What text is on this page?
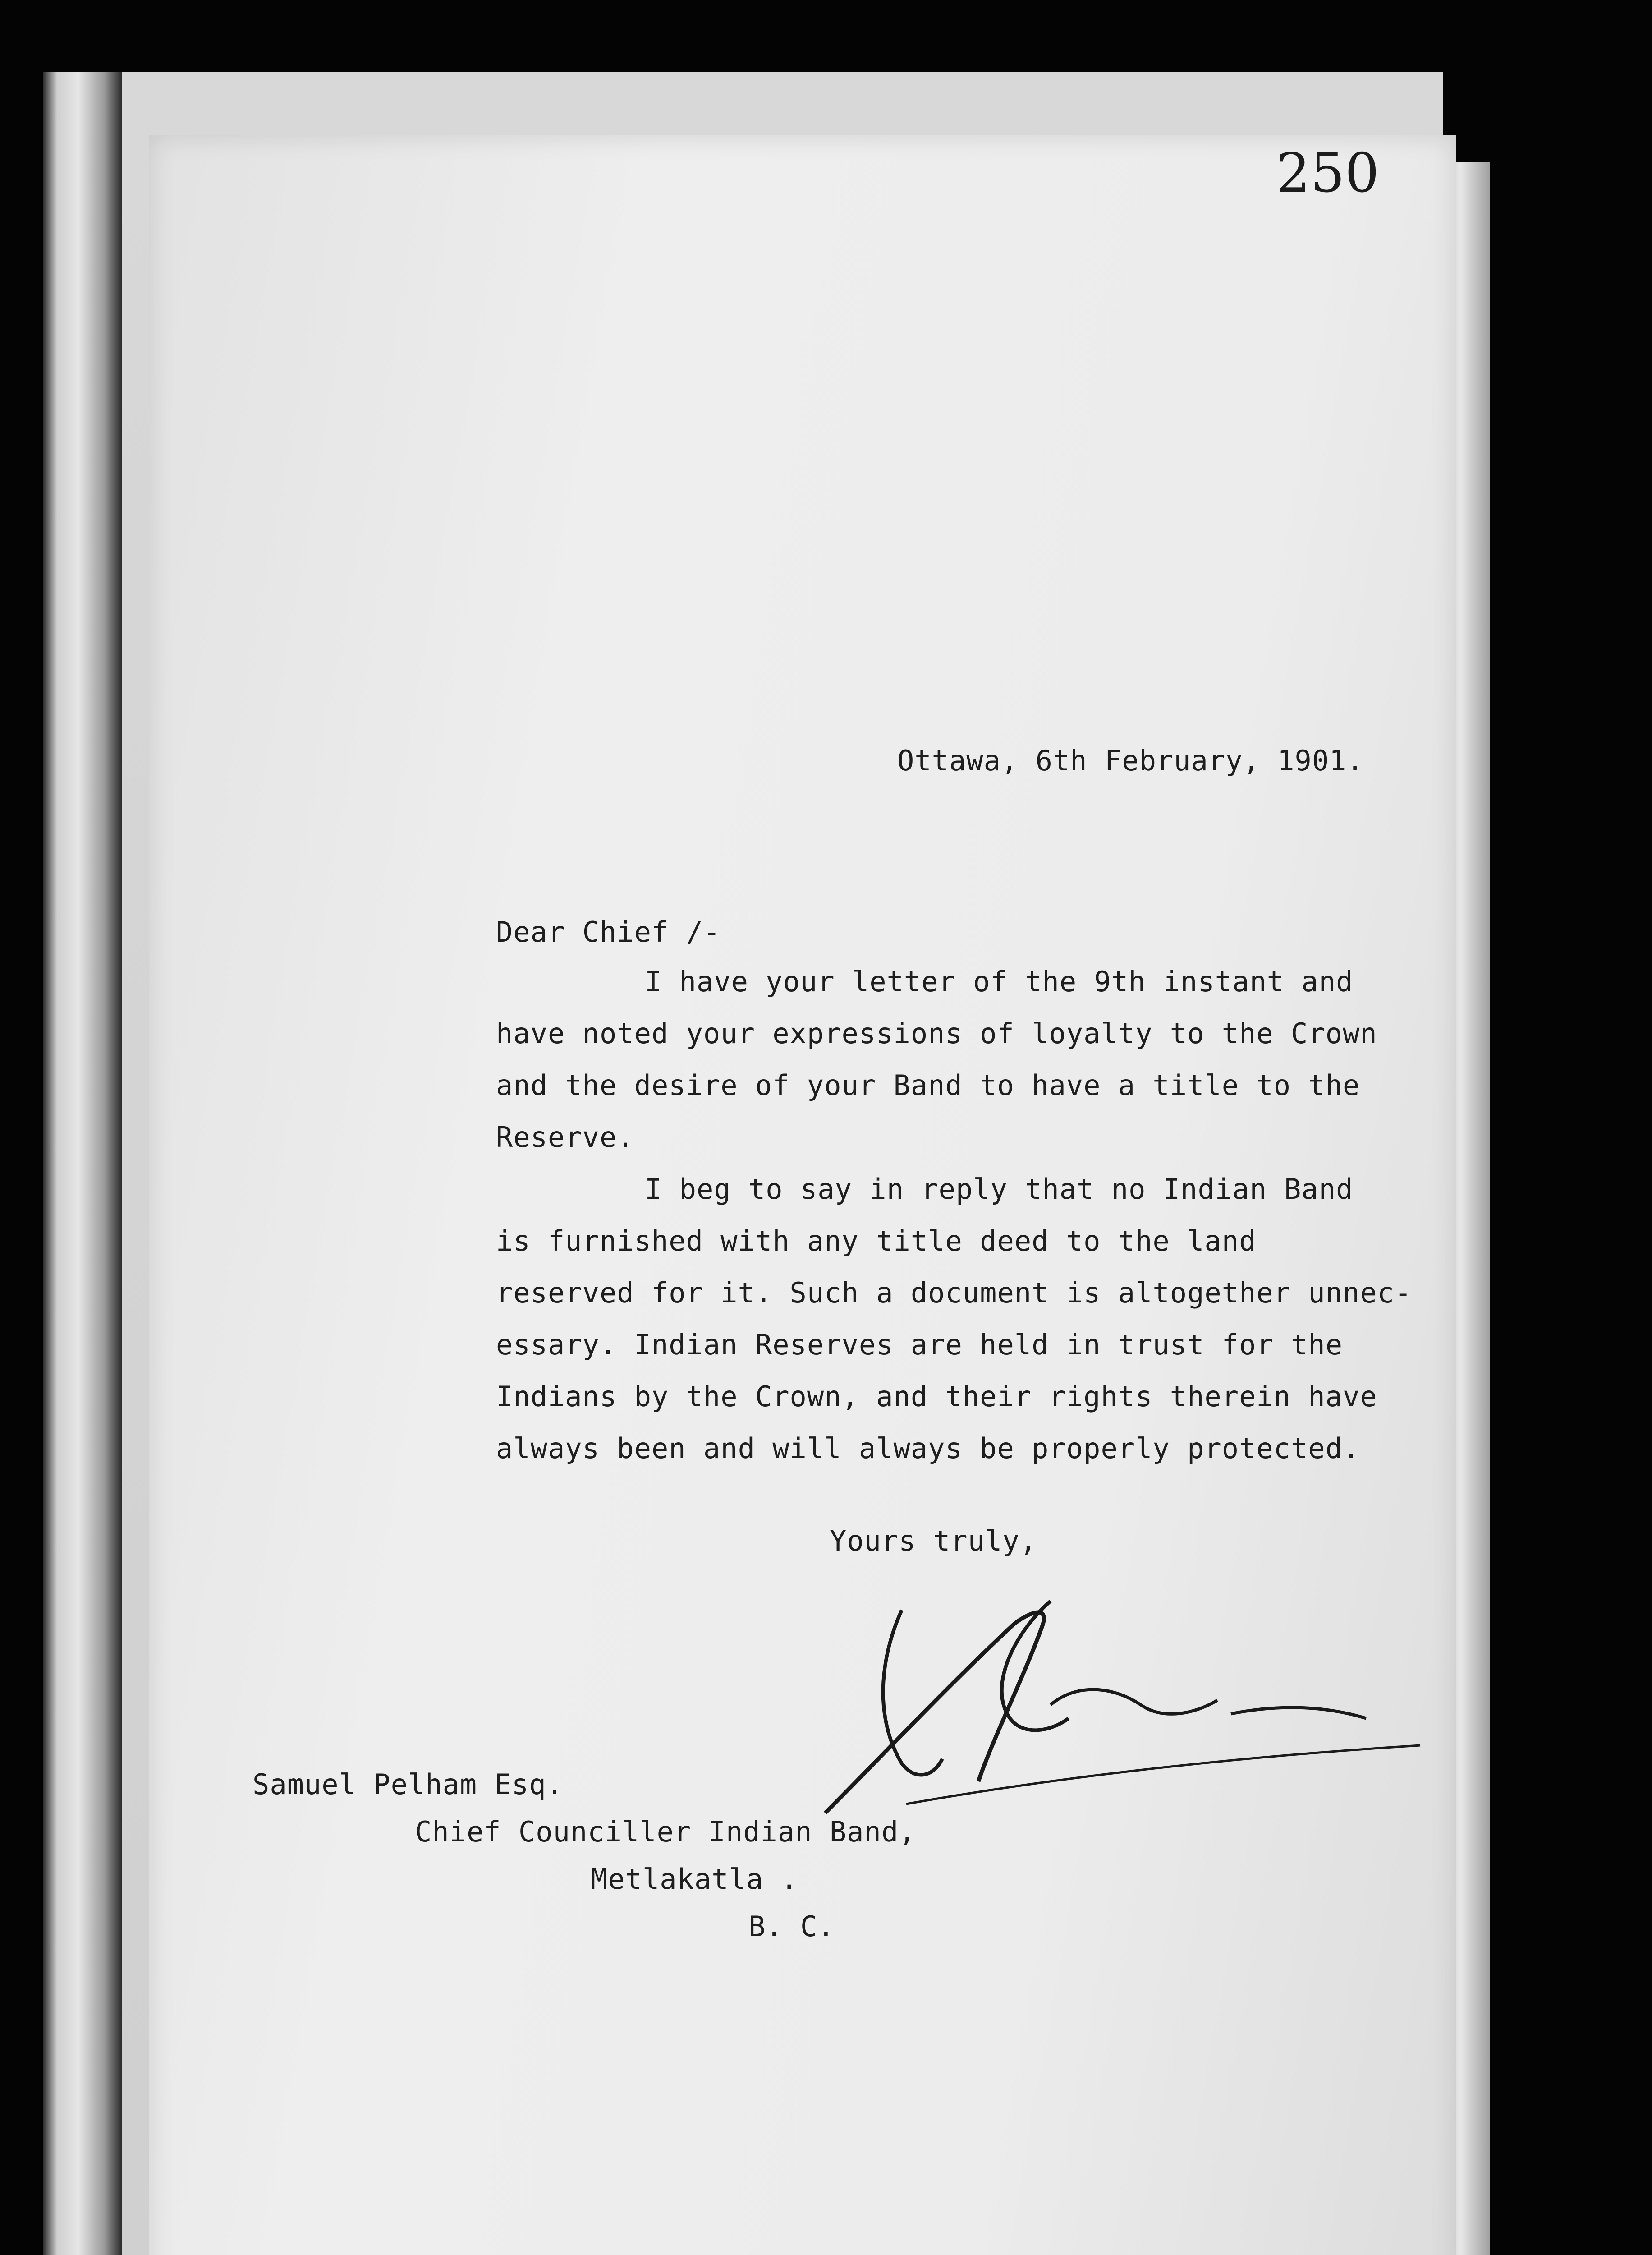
250
Ottawa, 6th February, 1901.
Dear Chief /-
I have your letter of the 9th instant and
have noted your expressions of loyalty to the Crown
and the desire of your Band to have a title to the
Reserve.
I beg to say in reply that no Indian Band
is furnished with any title deed to the land
reserved for it. Such a document is altogether unnec-
essary. Indian Reserves are held in trust for the
Indians by the Crown, and their rights therein have
always been and will always be properly protected.
Yours truly,
Samuel Pelham Esq.
Chief Counciller Indian Band,
Metlakatla .
B. C.
